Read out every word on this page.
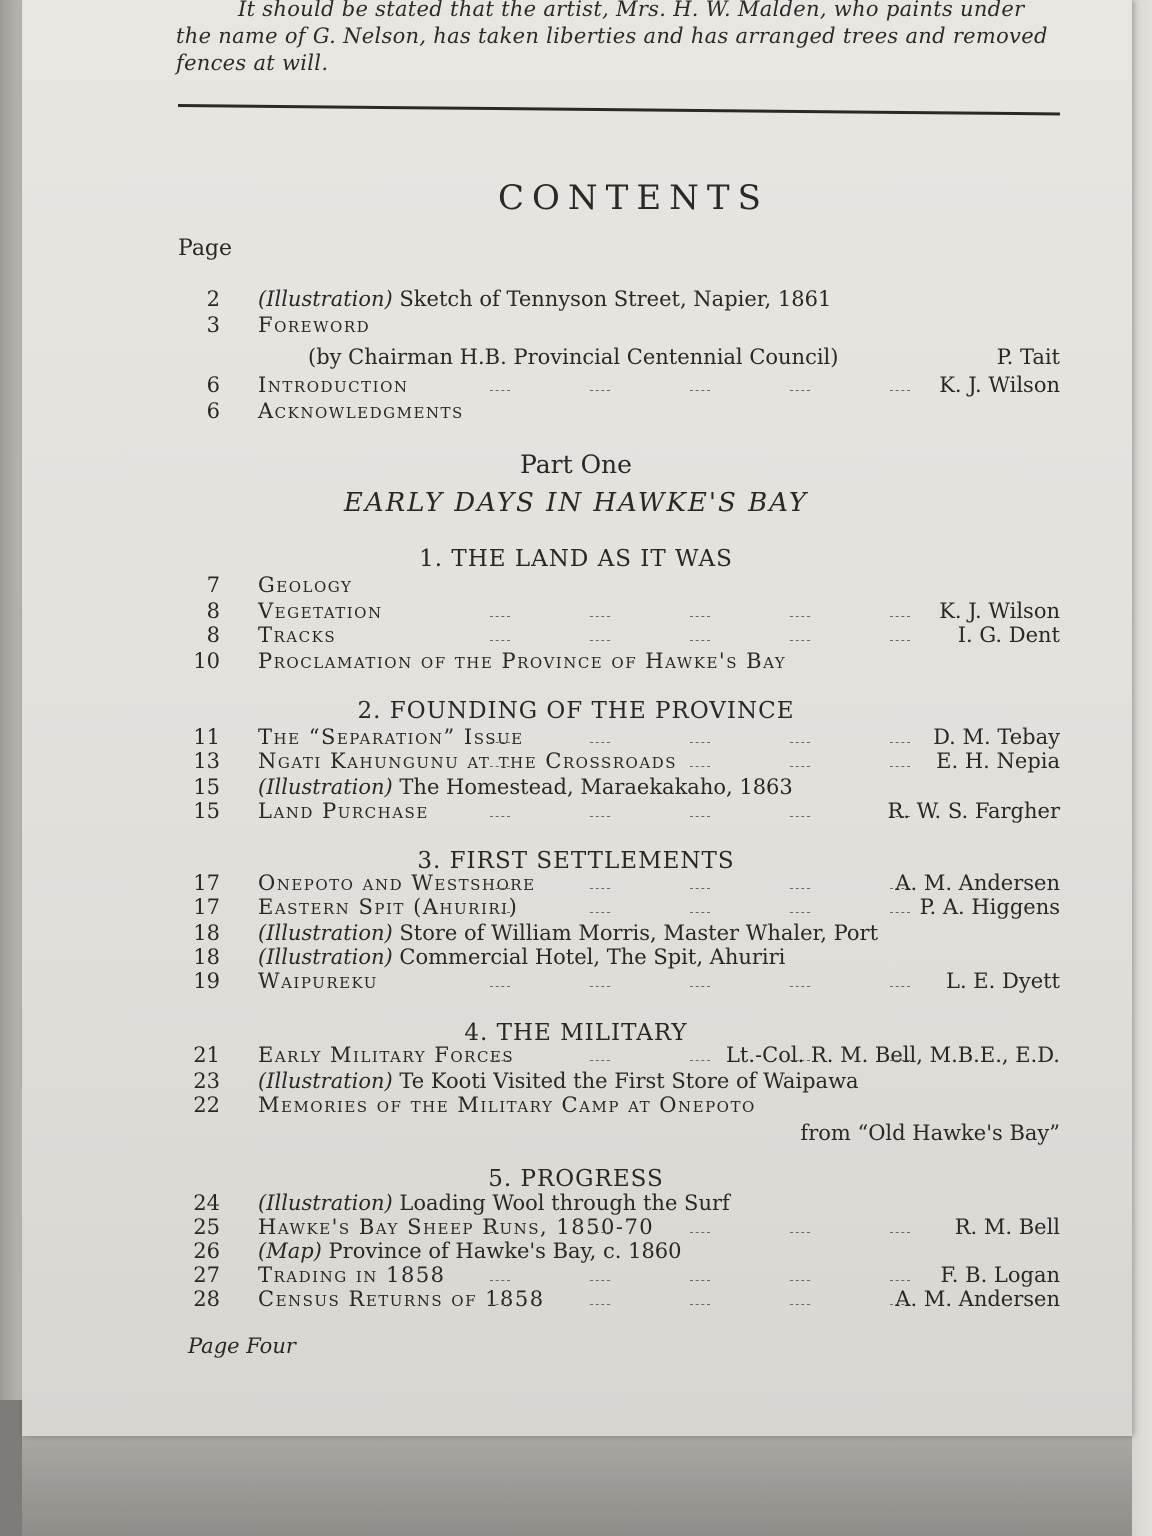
It should be stated that the artist, Mrs. H. W. Malden, who paints under
the name of G. Nelson, has taken liberties and has arranged trees and removed
fences at will.
CONTENTS
Page
2 (Illustration) Sketch of Tennyson Street, Napier, 1861
3 Foreword
(by Chairman H.B. Provincial Centennial Council)	P. Tait
6 Introduction	K. J. Wilson
6 Acknowledgments
Part One
EARLY DAYS IN HAWKE'S BAY
1. THE LAND AS IT WAS
7 Geology
8 Vegetation	K. J. Wilson
8 Tracks	I. G. Dent
10 Proclamation of the Province of Hawke's Bay
2. FOUNDING OF THE PROVINCE
11 The “Separation” Issue	D. M. Tebay
13 Ngati Kahungunu at the Crossroads	E. H. Nepia
15 (Illustration) The Homestead, Maraekakaho, 1863
15 Land Purchase	R. W. S. Fargher
3. FIRST SETTLEMENTS
17 Onepoto and Westshore	A. M. Andersen
17 Eastern Spit (Ahuriri)	P. A. Higgens
18 (Illustration) Store of William Morris, Master Whaler, Port
18 (Illustration) Commercial Hotel, The Spit, Ahuriri
19 Waipureku	L. E. Dyett
4. THE MILITARY
21 Early Military Forces	Lt.-Col. R. M. Bell, M.B.E., E.D.
23 (Illustration) Te Kooti Visited the First Store of Waipawa
22 Memories of the Military Camp at Onepoto
from “Old Hawke's Bay”
5. PROGRESS
24 (Illustration) Loading Wool through the Surf
25 Hawke's Bay Sheep Runs, 1850-70	R. M. Bell
26 (Map) Province of Hawke's Bay, c. 1860
27 Trading in 1858	F. B. Logan
28 Census Returns of 1858	A. M. Andersen
Page Four
